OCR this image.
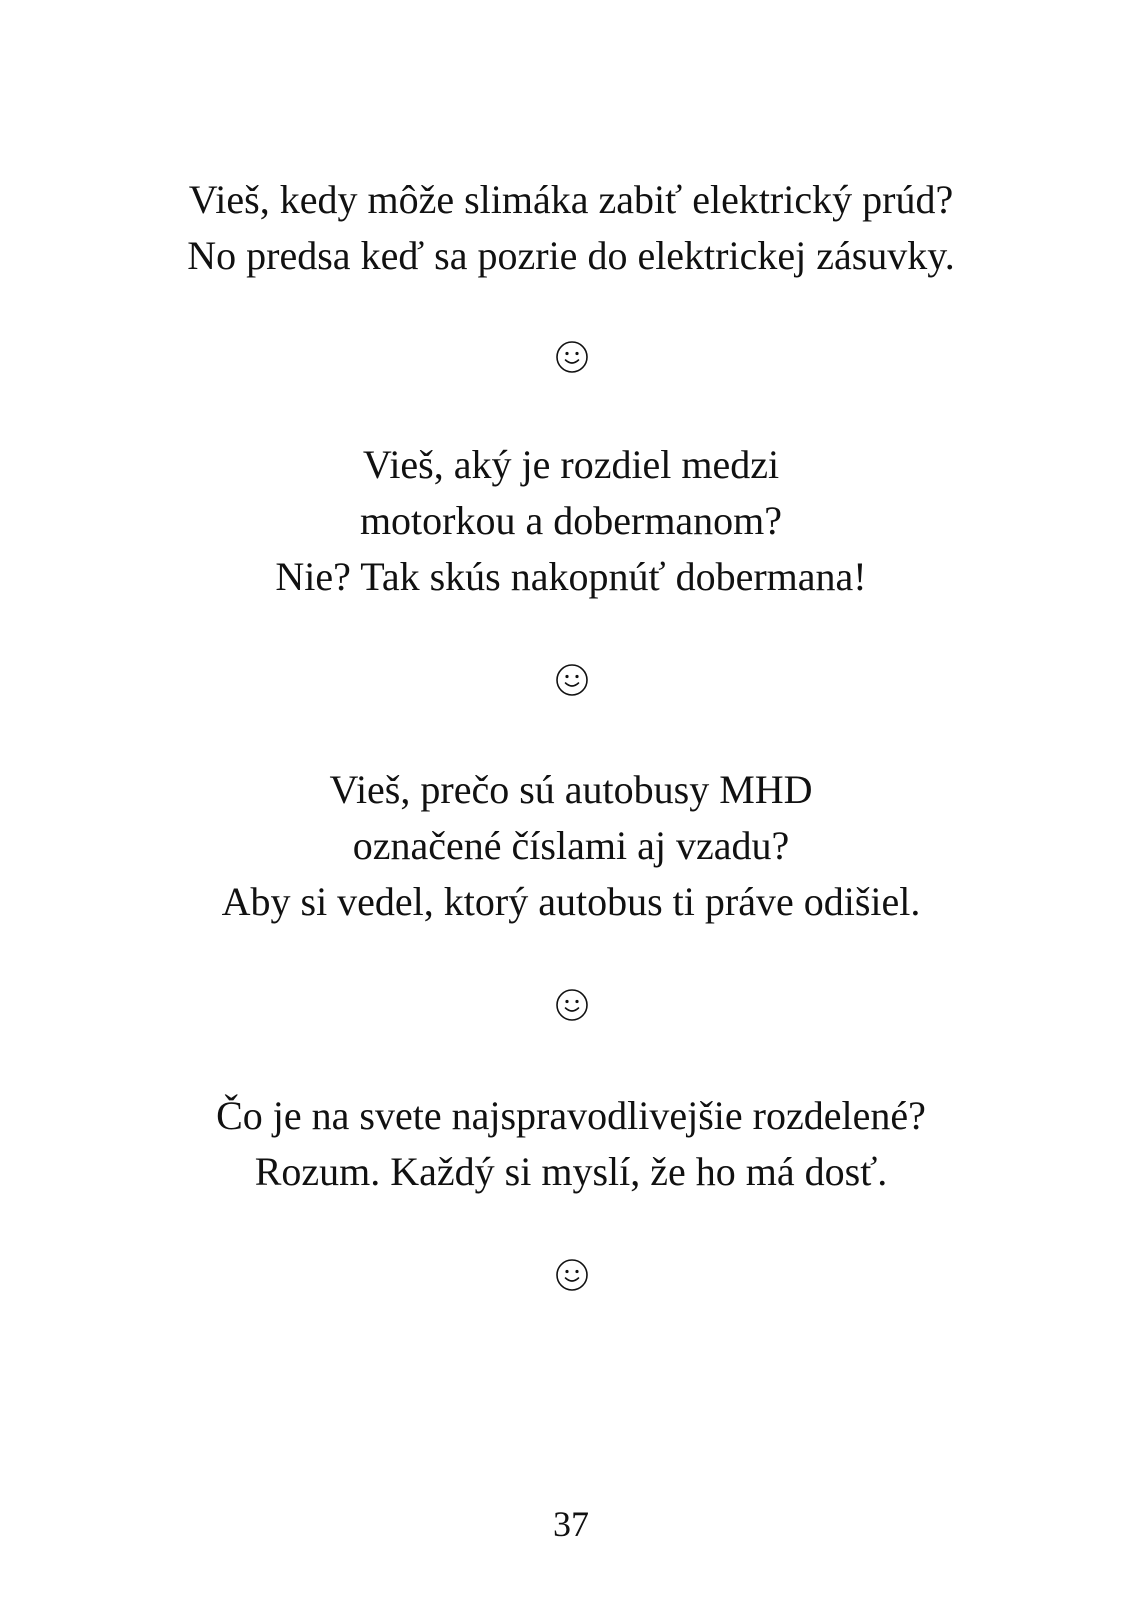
Vieš, kedy môže slimáka zabiť elektrický prúd?
No predsa keď sa pozrie do elektrickej zásuvky.
Vieš, aký je rozdiel medzi
motorkou a dobermanom?
Nie? Tak skús nakopnúť dobermana!
Vieš, prečo sú autobusy MHD
označené číslami aj vzadu?
Aby si vedel, ktorý autobus ti práve odišiel.
Čo je na svete najspravodlivejšie rozdelené?
Rozum. Každý si myslí, že ho má dosť.
37
